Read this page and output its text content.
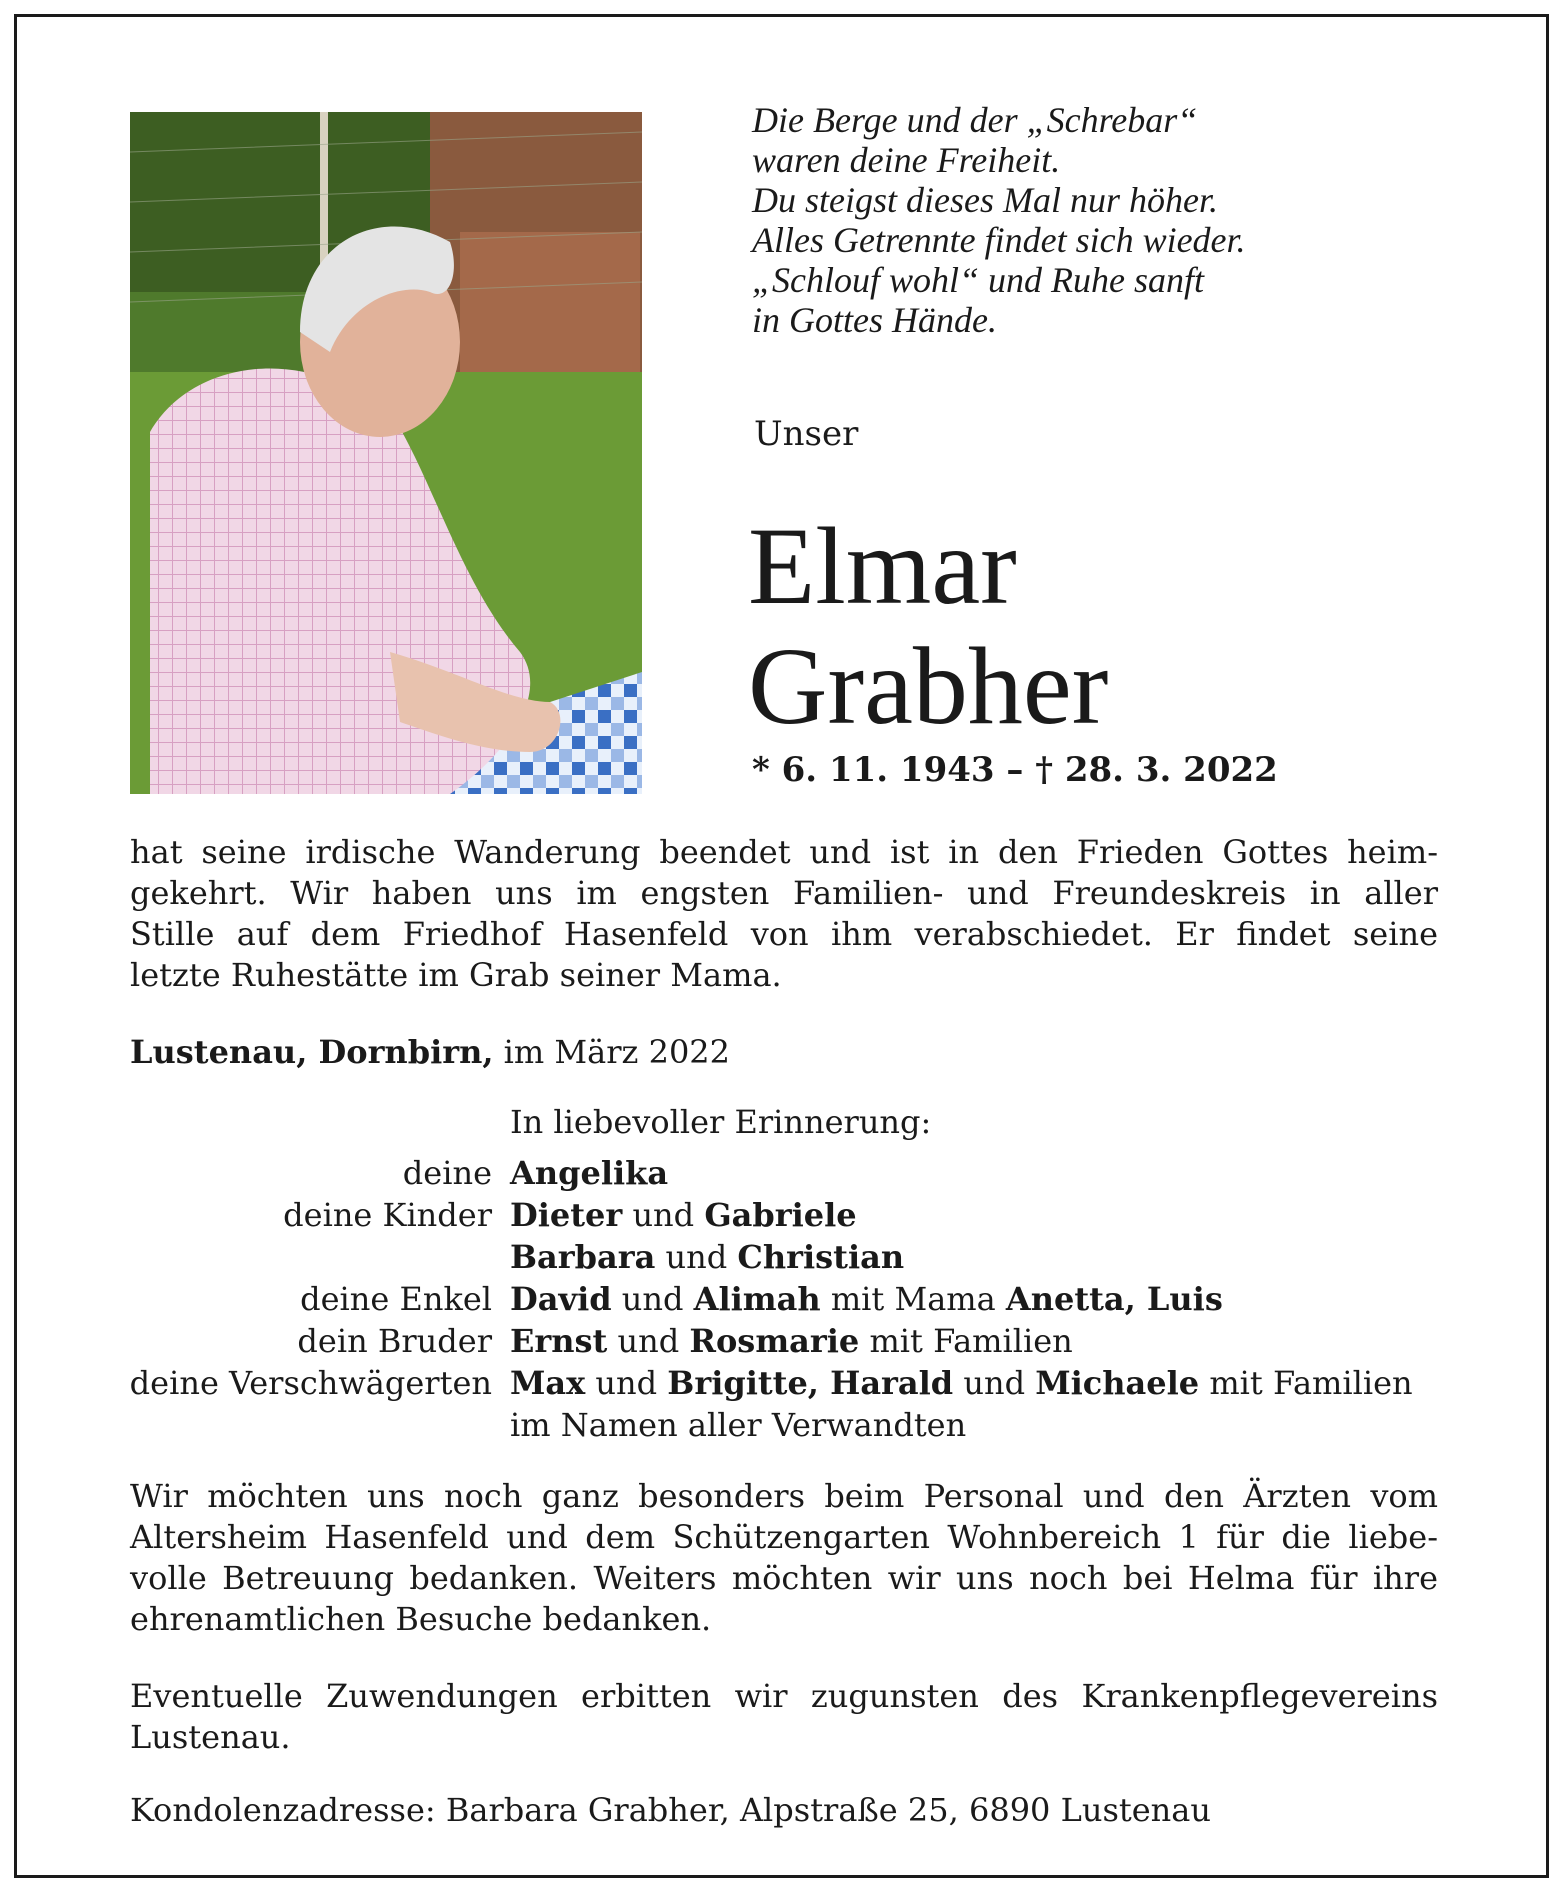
Die Berge und der „Schrebar“
waren deine Freiheit.
Du steigst dieses Mal nur höher.
Alles Getrennte findet sich wieder.
„Schlouf wohl“ und Ruhe sanft
in Gottes Hände.
Unser
Elmar
Grabher
* 6. 11. 1943 – † 28. 3. 2022
hat seine irdische Wanderung beendet und ist in den Frieden Gottes heim-
gekehrt. Wir haben uns im engsten Familien- und Freundeskreis in aller
Stille auf dem Friedhof Hasenfeld von ihm verabschiedet. Er findet seine
letzte Ruhestätte im Grab seiner Mama.
Lustenau, Dornbirn, im März 2022
In liebevoller Erinnerung:
deine Angelika
deine Kinder Dieter und Gabriele
Barbara und Christian
deine Enkel David und Alimah mit Mama Anetta, Luis
dein Bruder Ernst und Rosmarie mit Familien
deine Verschwägerten Max und Brigitte, Harald und Michaele mit Familien
im Namen aller Verwandten
Wir möchten uns noch ganz besonders beim Personal und den Ärzten vom
Altersheim Hasenfeld und dem Schützengarten Wohnbereich 1 für die liebe-
volle Betreuung bedanken. Weiters möchten wir uns noch bei Helma für ihre
ehrenamtlichen Besuche bedanken.
Eventuelle Zuwendungen erbitten wir zugunsten des Krankenpflegevereins
Lustenau.
Kondolenzadresse: Barbara Grabher, Alpstraße 25, 6890 Lustenau
